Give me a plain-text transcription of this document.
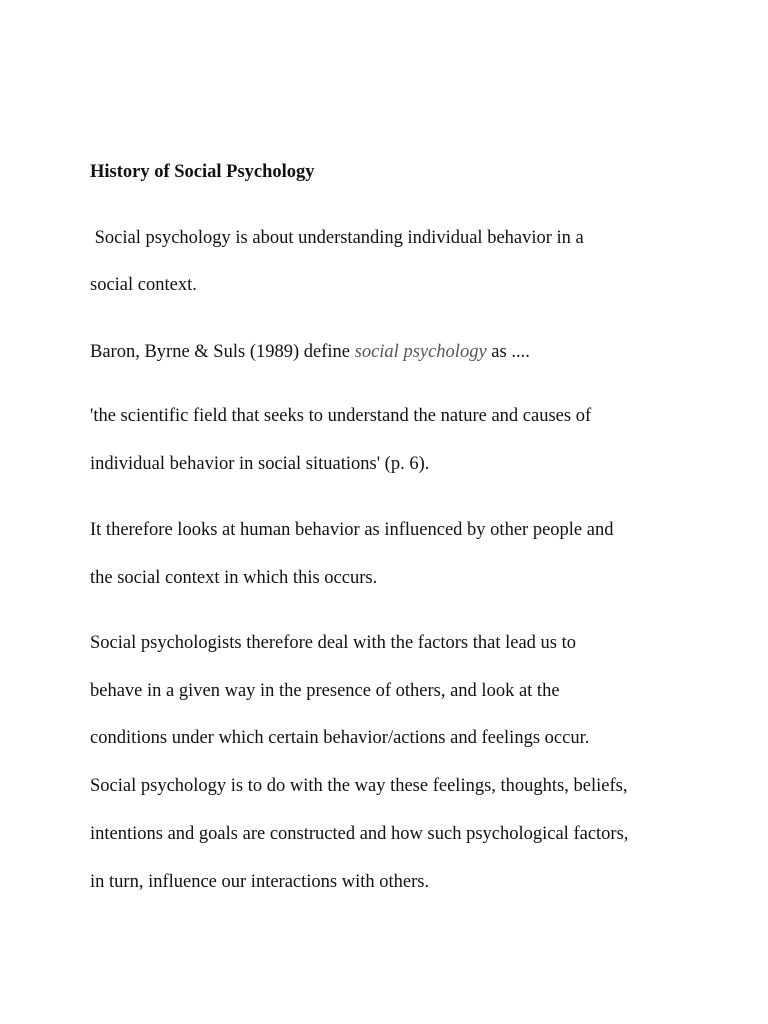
History of Social Psychology
Social psychology is about understanding individual behavior in a
social context.
Baron, Byrne & Suls (1989) define social psychology as ....
'the scientific field that seeks to understand the nature and causes of
individual behavior in social situations' (p. 6).
It therefore looks at human behavior as influenced by other people and
the social context in which this occurs.
Social psychologists therefore deal with the factors that lead us to
behave in a given way in the presence of others, and look at the
conditions under which certain behavior/actions and feelings occur.
Social psychology is to do with the way these feelings, thoughts, beliefs,
intentions and goals are constructed and how such psychological factors,
in turn, influence our interactions with others.
